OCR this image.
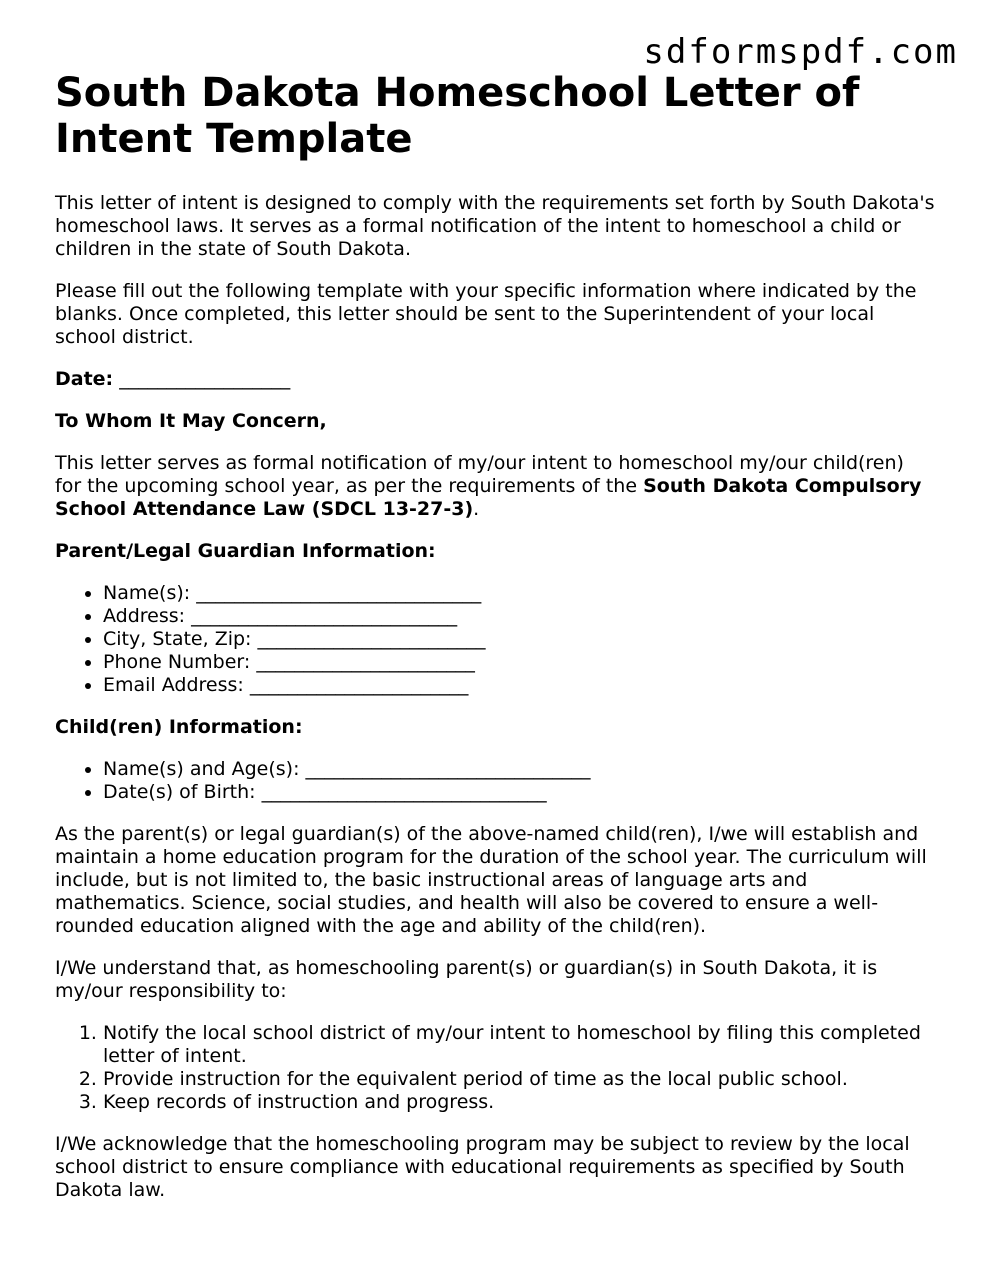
sdformspdf.com
South Dakota Homeschool Letter of Intent Template

This letter of intent is designed to comply with the requirements set forth by South Dakota's homeschool laws. It serves as a formal notification of the intent to homeschool a child or children in the state of South Dakota.

Please fill out the following template with your specific information where indicated by the blanks. Once completed, this letter should be sent to the Superintendent of your local school district.

Date: __________________

To Whom It May Concern,

This letter serves as formal notification of my/our intent to homeschool my/our child(ren) for the upcoming school year, as per the requirements of the South Dakota Compulsory School Attendance Law (SDCL 13-27-3).

Parent/Legal Guardian Information:

• Name(s): ______________________________
• Address: ____________________________
• City, State, Zip: ________________________
• Phone Number: _______________________
• Email Address: _______________________

Child(ren) Information:

• Name(s) and Age(s): ______________________________
• Date(s) of Birth: ______________________________

As the parent(s) or legal guardian(s) of the above-named child(ren), I/we will establish and maintain a home education program for the duration of the school year. The curriculum will include, but is not limited to, the basic instructional areas of language arts and mathematics. Science, social studies, and health will also be covered to ensure a well-rounded education aligned with the age and ability of the child(ren).

I/We understand that, as homeschooling parent(s) or guardian(s) in South Dakota, it is my/our responsibility to:

1. Notify the local school district of my/our intent to homeschool by filing this completed letter of intent.
2. Provide instruction for the equivalent period of time as the local public school.
3. Keep records of instruction and progress.

I/We acknowledge that the homeschooling program may be subject to review by the local school district to ensure compliance with educational requirements as specified by South Dakota law.
